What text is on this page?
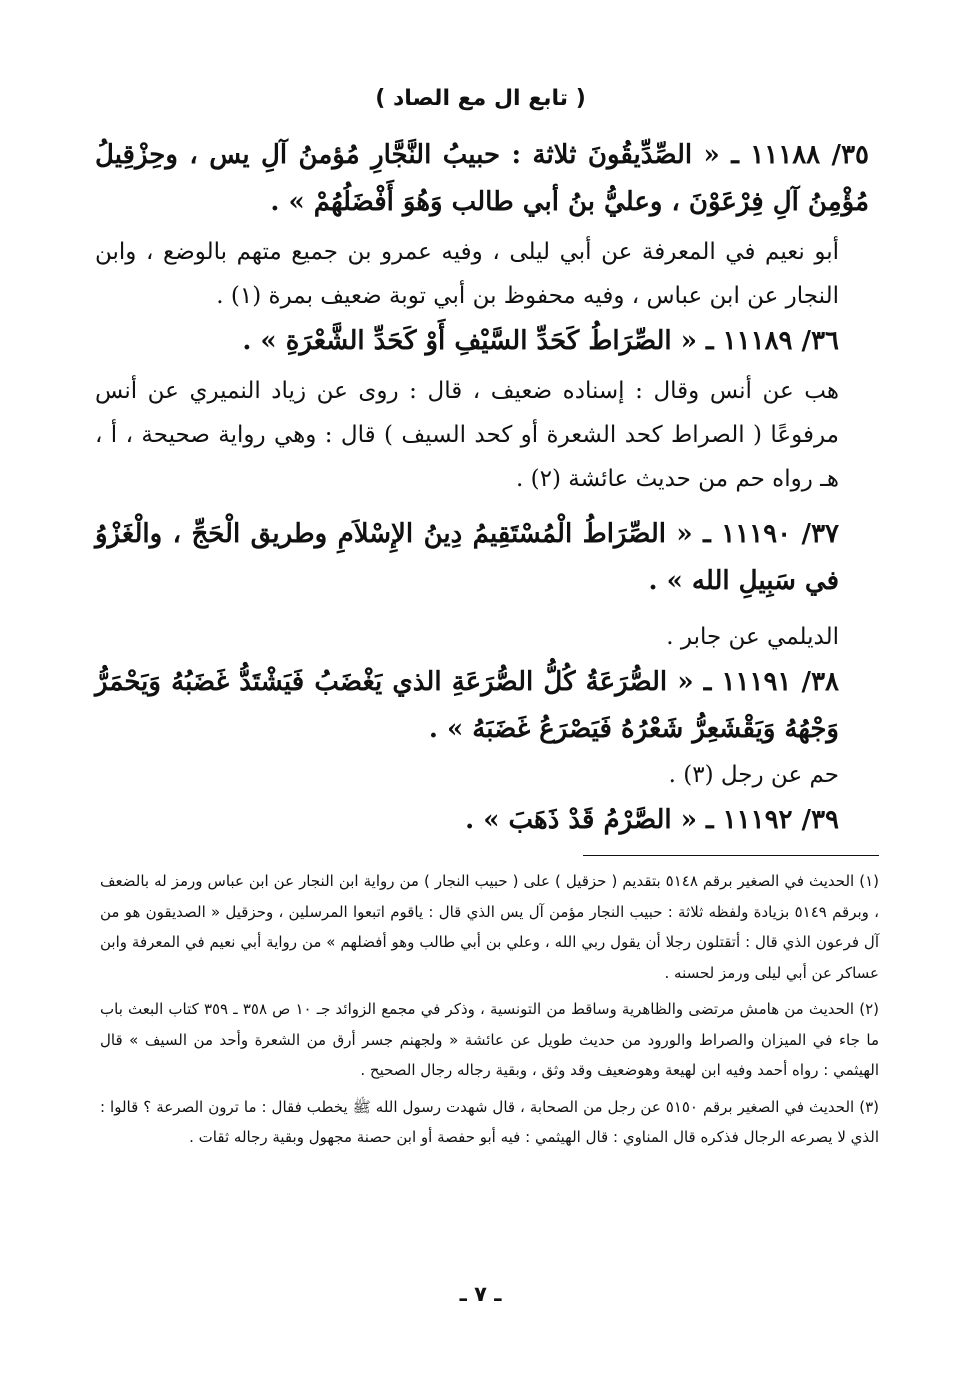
( تابع ال مع الصاد )

٣٥/ ١١١٨٨ ـ « الصِّدِّيقُونَ ثلاثة : حبيبُ النَّجَّارِ مُؤمنُ آلِ يس ، وحِزْقِيلُ مُؤْمِنُ آلِ فِرْعَوْنَ ، وعليُّ بنُ أبي طالب وَهُوَ أَفْضَلُهُمْ » .

أبو نعيم في المعرفة عن أبي ليلى ، وفيه عمرو بن جميع متهم بالوضع ، وابن النجار عن ابن عباس ، وفيه محفوظ بن أبي توبة ضعيف بمرة (١) .

٣٦/ ١١١٨٩ ـ « الصِّرَاطُ كَحَدِّ السَّيْفِ أَوْ كَحَدِّ الشَّعْرَةِ » .

هب عن أنس وقال : إسناده ضعيف ، قال : روى عن زياد النميري عن أنس مرفوعًا ( الصراط كحد الشعرة أو كحد السيف ) قال : وهي رواية صحيحة ، أ ، هـ رواه حم من حديث عائشة (٢) .

٣٧/ ١١١٩٠ ـ « الصِّرَاطُ الْمُسْتَقِيمُ دِينُ الإِسْلاَمِ وطريق الْحَجِّ ، والْغَزْوُ في سَبِيلِ الله » .

الديلمي عن جابر .

٣٨/ ١١١٩١ ـ « الصُّرَعَةُ كُلُّ الصُّرَعَةِ الذي يَغْضَبُ فَيَشْتَدُّ غَضَبُهُ وَيَحْمَرُّ وَجْهُهُ وَيَقْشَعِرُّ شَعْرُهُ فَيَصْرَعُ غَضَبَهُ » .

حم عن رجل (٣) .

٣٩/ ١١١٩٢ ـ « الصَّرْمُ قَدْ ذَهَبَ » .

(١) الحديث في الصغير برقم ٥١٤٨ بتقديم ( حزقيل ) على ( حبيب النجار ) من رواية ابن النجار عن ابن عباس ورمز له بالضعف ، وبرقم ٥١٤٩ بزيادة ولفظه ثلاثة : حبيب النجار مؤمن آل يس الذي قال : ياقوم اتبعوا المرسلين ، وحزقيل « الصديقون هو من آل فرعون الذي قال : أتقتلون رجلا أن يقول ربي الله ، وعلي بن أبي طالب وهو أفضلهم » من رواية أبي نعيم في المعرفة وابن عساكر عن أبي ليلى ورمز لحسنه .

(٢) الحديث من هامش مرتضى والظاهرية وساقط من التونسية ، وذكر في مجمع الزوائد جـ ١٠ ص ٣٥٨ ـ ٣٥٩ كتاب البعث باب ما جاء في الميزان والصراط والورود من حديث طويل عن عائشة « ولجهنم جسر أرق من الشعرة وأحد من السيف » قال الهيثمي : رواه أحمد وفيه ابن لهيعة وهوضعيف وقد وثق ، وبقية رجاله رجال الصحيح .

(٣) الحديث في الصغير برقم ٥١٥٠ عن رجل من الصحابة ، قال شهدت رسول الله ﷺ يخطب فقال : ما ترون الصرعة ؟ قالوا : الذي لا يصرعه الرجال فذكره قال المناوي : قال الهيثمي : فيه أبو حفصة أو ابن حصنة مجهول وبقية رجاله ثقات .

ـ ٧ ـ
